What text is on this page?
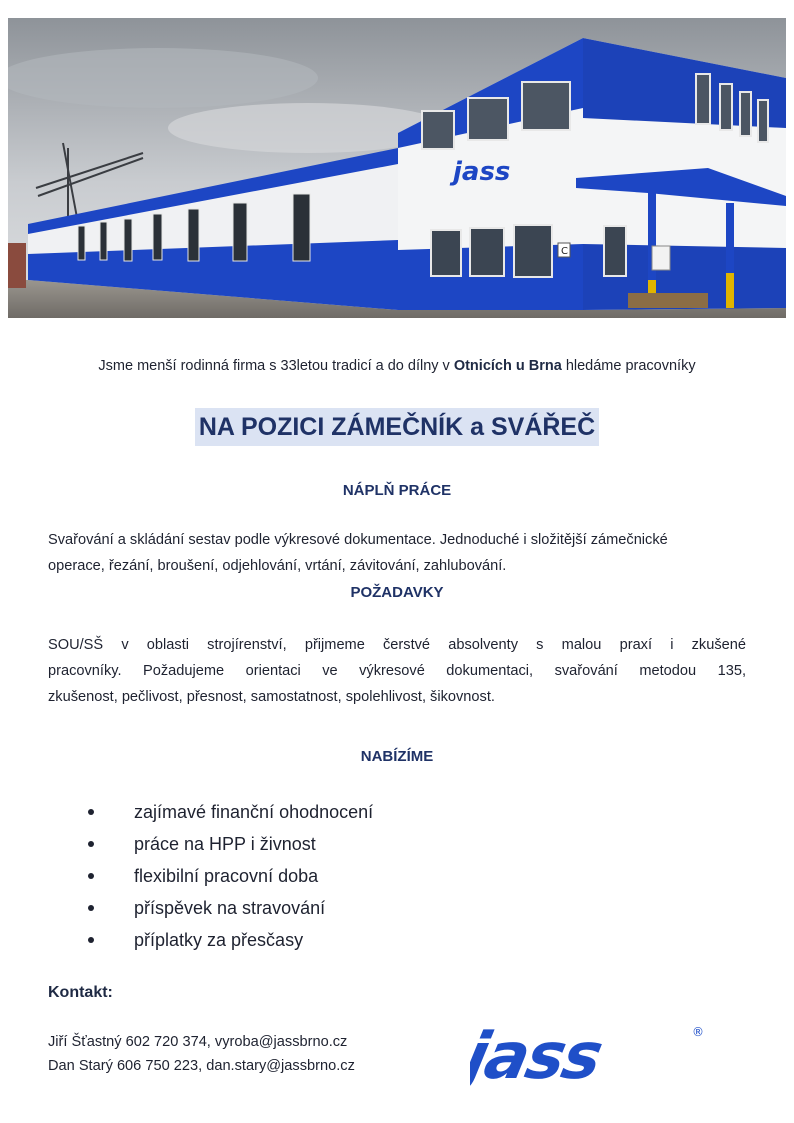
jass
C
Jsme menší rodinná firma s 33letou tradicí a do dílny v Otnicích u Brna hledáme pracovníky
NA POZICI ZÁMEČNÍK a SVÁŘEČ
NÁPLŇ PRÁCE
Svařování a skládání sestav podle výkresové dokumentace. Jednoduché i složitější zámečnické
operace, řezání, broušení, odjehlování, vrtání, závitování, zahlubování.
POŽADAVKY
SOU/SŠ v oblasti strojírenství, přijmeme čerstvé absolventy s malou praxí i zkušené
pracovníky. Požadujeme orientaci ve výkresové dokumentaci, svařování metodou 135,
zkušenost, pečlivost, přesnost, samostatnost, spolehlivost, šikovnost.
NABÍZÍME
zajímavé finanční ohodnocení
práce na HPP i živnost
flexibilní pracovní doba
příspěvek na stravování
příplatky za přesčasy
Kontakt:
Jiří Šťastný 602 720 374, vyroba@jassbrno.cz
Dan Starý 606 750 223, dan.stary@jassbrno.cz jass	®
